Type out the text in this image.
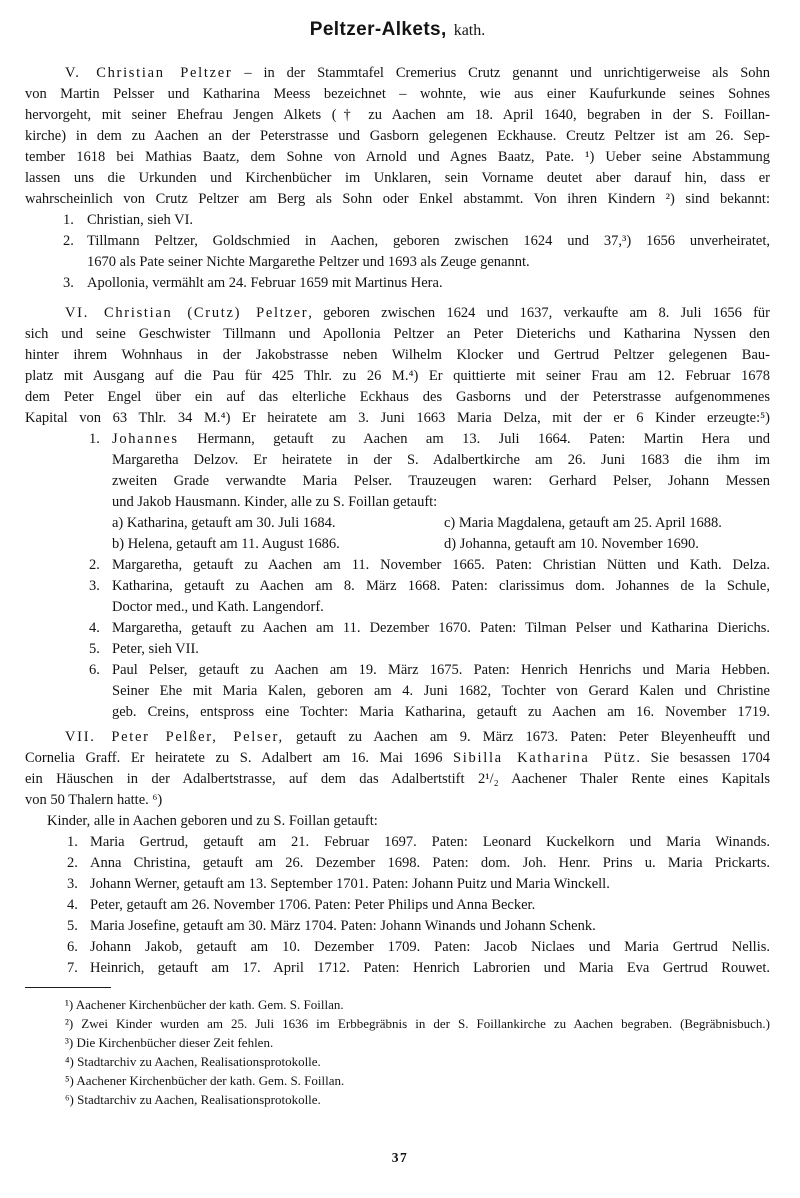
Peltzer-Alkets, kath.
V. Christian Peltzer – in der Stammtafel Cremerius Crutz genannt und unrichtigerweise als Sohn
von Martin Pelsser und Katharina Meess bezeichnet – wohnte, wie aus einer Kaufurkunde seines Sohnes
hervorgeht, mit seiner Ehefrau Jengen Alkets († zu Aachen am 18. April 1640, begraben in der S. Foillan-
kirche) in dem zu Aachen an der Peterstrasse und Gasborn gelegenen Eckhause. Creutz Peltzer ist am 26. Sep-
tember 1618 bei Mathias Baatz, dem Sohne von Arnold und Agnes Baatz, Pate. ¹) Ueber seine Abstammung
lassen uns die Urkunden und Kirchenbücher im Unklaren, sein Vorname deutet aber darauf hin, dass er
wahrscheinlich von Crutz Peltzer am Berg als Sohn oder Enkel abstammt. Von ihren Kindern ²) sind bekannt:
1. Christian, sieh VI.
2. Tillmann Peltzer, Goldschmied in Aachen, geboren zwischen 1624 und 37,³) 1656 unverheiratet,
1670 als Pate seiner Nichte Margarethe Peltzer und 1693 als Zeuge genannt.
3. Apollonia, vermählt am 24. Februar 1659 mit Martinus Hera.
VI. Christian (Crutz) Peltzer, geboren zwischen 1624 und 1637, verkaufte am 8. Juli 1656 für
sich und seine Geschwister Tillmann und Apollonia Peltzer an Peter Dieterichs und Katharina Nyssen den
hinter ihrem Wohnhaus in der Jakobstrasse neben Wilhelm Klocker und Gertrud Peltzer gelegenen Bau-
platz mit Ausgang auf die Pau für 425 Thlr. zu 26 M.⁴) Er quittierte mit seiner Frau am 12. Februar 1678
dem Peter Engel über ein auf das elterliche Eckhaus des Gasborns und der Peterstrasse aufgenommenes
Kapital von 63 Thlr. 34 M.⁴) Er heiratete am 3. Juni 1663 Maria Delza, mit der er 6 Kinder erzeugte:⁵)
1. Johannes Hermann, getauft zu Aachen am 13. Juli 1664. Paten: Martin Hera und
Margaretha Delzov. Er heiratete in der S. Adalbertkirche am 26. Juni 1683 die ihm im
zweiten Grade verwandte Maria Pelser. Trauzeugen waren: Gerhard Pelser, Johann Messen
und Jakob Hausmann. Kinder, alle zu S. Foillan getauft:
a) Katharina, getauft am 30. Juli 1684.	c) Maria Magdalena, getauft am 25. April 1688.
b) Helena, getauft am 11. August 1686.	d) Johanna, getauft am 10. November 1690.
2. Margaretha, getauft zu Aachen am 11. November 1665. Paten: Christian Nütten und Kath. Delza.
3. Katharina, getauft zu Aachen am 8. März 1668. Paten: clarissimus dom. Johannes de la Schule,
Doctor med., und Kath. Langendorf.
4. Margaretha, getauft zu Aachen am 11. Dezember 1670. Paten: Tilman Pelser und Katharina Dierichs.
5. Peter, sieh VII.
6. Paul Pelser, getauft zu Aachen am 19. März 1675. Paten: Henrich Henrichs und Maria Hebben.
Seiner Ehe mit Maria Kalen, geboren am 4. Juni 1682, Tochter von Gerard Kalen und Christine
geb. Creins, entspross eine Tochter: Maria Katharina, getauft zu Aachen am 16. November 1719.
VII. Peter Pelßer, Pelser, getauft zu Aachen am 9. März 1673. Paten: Peter Bleyenheufft und
Cornelia Graff. Er heiratete zu S. Adalbert am 16. Mai 1696 Sibilla Katharina Pütz. Sie besassen 1704
ein Häuschen in der Adalbertstrasse, auf dem das Adalbertstift 2¹/₂ Aachener Thaler Rente eines Kapitals
von 50 Thalern hatte. ⁶)
Kinder, alle in Aachen geboren und zu S. Foillan getauft:
1. Maria Gertrud, getauft am 21. Februar 1697. Paten: Leonard Kuckelkorn und Maria Winands.
2. Anna Christina, getauft am 26. Dezember 1698. Paten: dom. Joh. Henr. Prins u. Maria Prickarts.
3. Johann Werner, getauft am 13. September 1701. Paten: Johann Puitz und Maria Winckell.
4. Peter, getauft am 26. November 1706. Paten: Peter Philips und Anna Becker.
5. Maria Josefine, getauft am 30. März 1704. Paten: Johann Winands und Johann Schenk.
6. Johann Jakob, getauft am 10. Dezember 1709. Paten: Jacob Niclaes und Maria Gertrud Nellis.
7. Heinrich, getauft am 17. April 1712. Paten: Henrich Labrorien und Maria Eva Gertrud Rouwet.
¹) Aachener Kirchenbücher der kath. Gem. S. Foillan.
²) Zwei Kinder wurden am 25. Juli 1636 im Erbbegräbnis in der S. Foillankirche zu Aachen begraben. (Begräbnisbuch.)
³) Die Kirchenbücher dieser Zeit fehlen.
⁴) Stadtarchiv zu Aachen, Realisationsprotokolle.
⁵) Aachener Kirchenbücher der kath. Gem. S. Foillan.
⁶) Stadtarchiv zu Aachen, Realisationsprotokolle.
37
